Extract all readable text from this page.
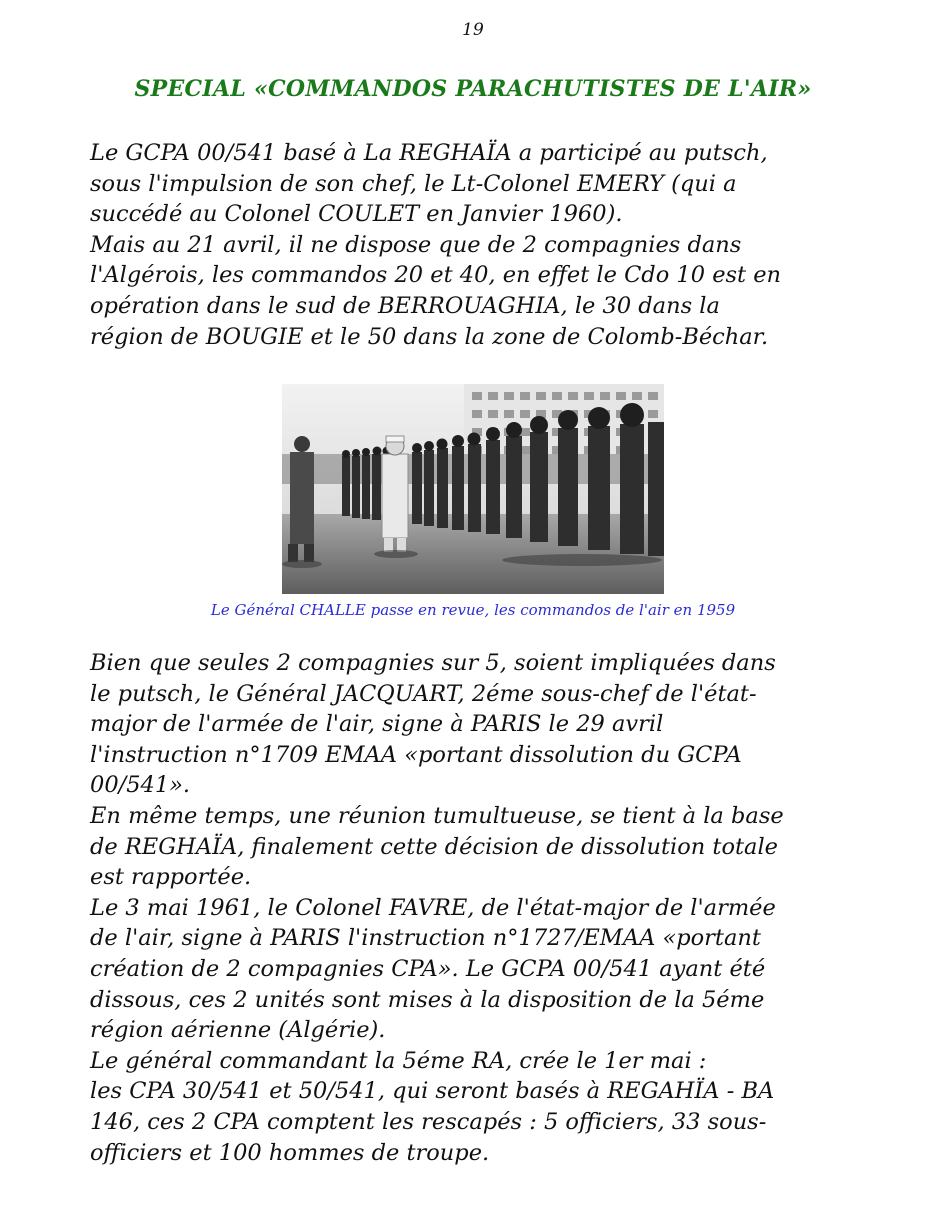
19
SPECIAL «COMMANDOS PARACHUTISTES DE L'AIR»
Le GCPA 00/541 basé à La REGHAÏA a participé au putsch,
sous l'impulsion de son chef, le Lt-Colonel EMERY (qui a
succédé au Colonel COULET en Janvier 1960).
Mais au 21 avril, il ne dispose que de 2 compagnies dans
l'Algérois, les commandos 20 et 40, en effet le Cdo 10 est en
opération dans le sud de BERROUAGHIA, le 30 dans la
région de BOUGIE et le 50 dans la zone de Colomb-Béchar.
Le Général CHALLE passe en revue, les commandos de l'air en 1959
Bien que seules 2 compagnies sur 5, soient impliquées dans
le putsch, le Général JACQUART, 2éme sous-chef de l'état-
major de l'armée de l'air, signe à PARIS le 29 avril
l'instruction n°1709 EMAA «portant dissolution du GCPA
00/541».
En même temps, une réunion tumultueuse, se tient à la base
de REGHAÏA, finalement cette décision de dissolution totale
est rapportée.
Le 3 mai 1961, le Colonel FAVRE, de l'état-major de l'armée
de l'air, signe à PARIS l'instruction n°1727/EMAA «portant
création de 2 compagnies CPA». Le GCPA 00/541 ayant été
dissous, ces 2 unités sont mises à la disposition de la 5éme
région aérienne (Algérie).
Le général commandant la 5éme RA, crée le 1er mai :
les CPA 30/541 et 50/541, qui seront basés à REGAHÏA - BA
146, ces 2 CPA comptent les rescapés : 5 officiers, 33 sous-
officiers et 100 hommes de troupe.
